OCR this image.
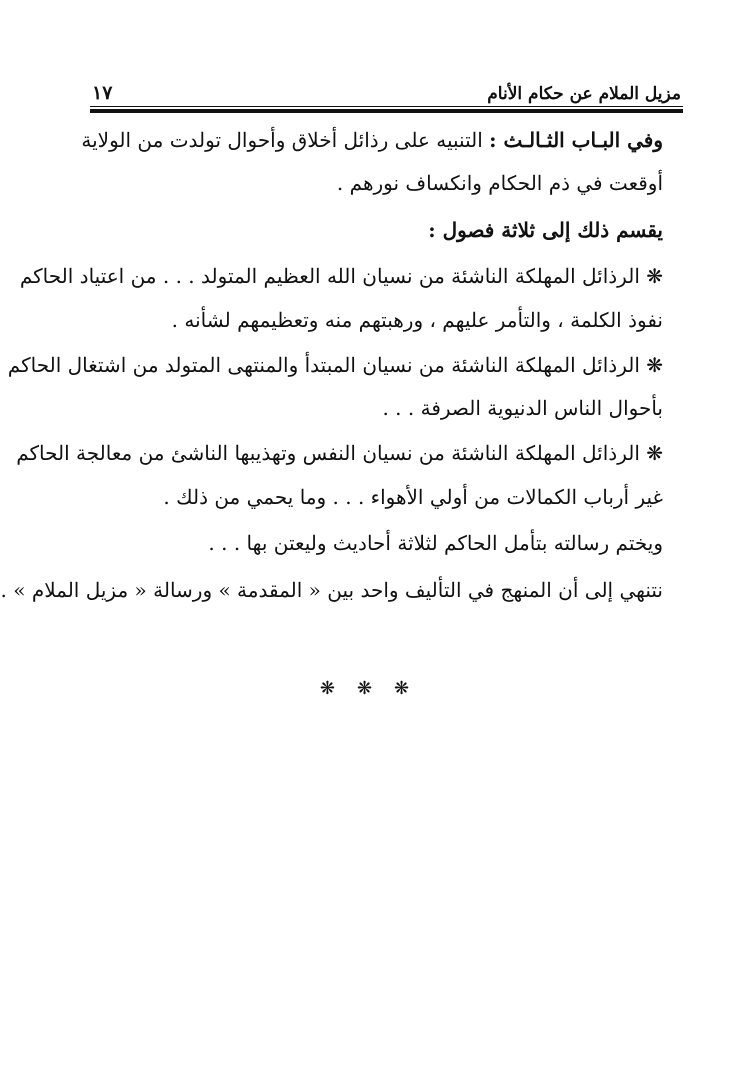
مزيل الملام عن حكام الأنام
١٧
وفي البـاب الثـالـث : التنبيه على رذائل أخلاق وأحوال تولدت من الولاية
أوقعت في ذم الحكام وانكساف نورهم .
يقسم ذلك إلى ثلاثة فصول :
❋ الرذائل المهلكة الناشئة من نسيان الله العظيم المتولد . . . من اعتياد الحاكم
نفوذ الكلمة ، والتأمر عليهم ، ورهبتهم منه وتعظيمهم لشأنه .
❋ الرذائل المهلكة الناشئة من نسيان المبتدأ والمنتهى المتولد من اشتغال الحاكم
بأحوال الناس الدنيوية الصرفة . . .
❋ الرذائل المهلكة الناشئة من نسيان النفس وتهذيبها الناشئ من معالجة الحاكم
غير أرباب الكمالات من أولي الأهواء . . . وما يحمي من ذلك .
ويختم رسالته بتأمل الحاكم لثلاثة أحاديث وليعتن بها . . .
نتنهي إلى أن المنهج في التأليف واحد بين « المقدمة » ورسالة « مزيل الملام » .
❋❋❋
